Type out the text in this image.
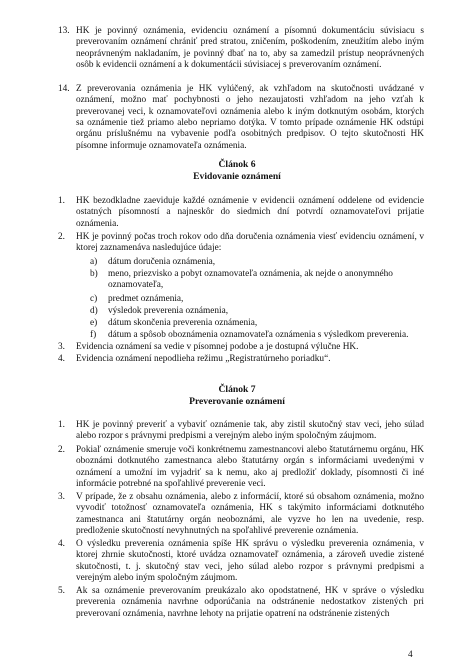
13. HK je povinný oznámenia, evidenciu oznámení a písomnú dokumentáciu súvisiacu s preverovaním oznámení chrániť pred stratou, zničením, poškodením, zneužitím alebo iným neoprávneným nakladaním, je povinný dbať na to, aby sa zamedzil prístup neoprávnených osôb k evidencii oznámení a k dokumentácii súvisiacej s preverovaním oznámení.
14. Z preverovania oznámenia je HK vylúčený, ak vzhľadom na skutočnosti uvádzané v oznámení, možno mať pochybnosti o jeho nezaujatosti vzhľadom na jeho vzťah k preverovanej veci, k oznamovateľovi oznámenia alebo k iným dotknutým osobám, ktorých sa oznámenie tiež priamo alebo nepriamo dotýka. V tomto prípade oznámenie HK odstúpi orgánu príslušnému na vybavenie podľa osobitných predpisov. O tejto skutočnosti HK písomne informuje oznamovateľa oznámenia.
Článok 6
Evidovanie oznámení
1. HK bezodkladne zaeviduje každé oznámenie v evidencii oznámení oddelene od evidencie ostatných písomností a najneskôr do siedmich dní potvrdí oznamovateľovi prijatie oznámenia.
2. HK je povinný počas troch rokov odo dňa doručenia oznámenia viesť evidenciu oznámení, v ktorej zaznamenáva nasledujúce údaje:
a) dátum doručenia oznámenia,
b) meno, priezvisko a pobyt oznamovateľa oznámenia, ak nejde o anonymného oznamovateľa,
c) predmet oznámenia,
d) výsledok preverenia oznámenia,
e) dátum skončenia preverenia oznámenia,
f) dátum a spôsob oboznámenia oznamovateľa oznámenia s výsledkom preverenia.
3. Evidencia oznámení sa vedie v písomnej podobe a je dostupná výlučne HK.
4. Evidencia oznámení nepodlieha režimu „Registratúrneho poriadku“.
Článok 7
Preverovanie oznámení
1. HK je povinný preveriť a vybaviť oznámenie tak, aby zistil skutočný stav veci, jeho súlad alebo rozpor s právnymi predpismi a verejným alebo iným spoločným záujmom.
2. Pokiaľ oznámenie smeruje voči konkrétnemu zamestnancovi alebo štatutárnemu orgánu, HK oboznámi dotknutého zamestnanca alebo štatutárny orgán s informáciami uvedenými v oznámení a umožní im vyjadriť sa k nemu, ako aj predložiť doklady, písomnosti či iné informácie potrebné na spoľahlivé preverenie veci.
3. V prípade, že z obsahu oznámenia, alebo z informácií, ktoré sú obsahom oznámenia, možno vyvodiť totožnosť oznamovateľa oznámenia, HK s takýmito informáciami dotknutého zamestnanca ani štatutárny orgán neoboznámi, ale vyzve ho len na uvedenie, resp. predloženie skutočností nevyhnutných na spoľahlivé preverenie oznámenia.
4. O výsledku preverenia oznámenia spíše HK správu o výsledku preverenia oznámenia, v ktorej zhrnie skutočnosti, ktoré uvádza oznamovateľ oznámenia, a zároveň uvedie zistené skutočnosti, t. j. skutočný stav veci, jeho súlad alebo rozpor s právnymi predpismi a verejným alebo iným spoločným záujmom.
5. Ak sa oznámenie preverovaním preukázalo ako opodstatnené, HK v správe o výsledku preverenia oznámenia navrhne odporúčania na odstránenie nedostatkov zistených pri preverovaní oznámenia, navrhne lehoty na prijatie opatrení na odstránenie zistených
4
